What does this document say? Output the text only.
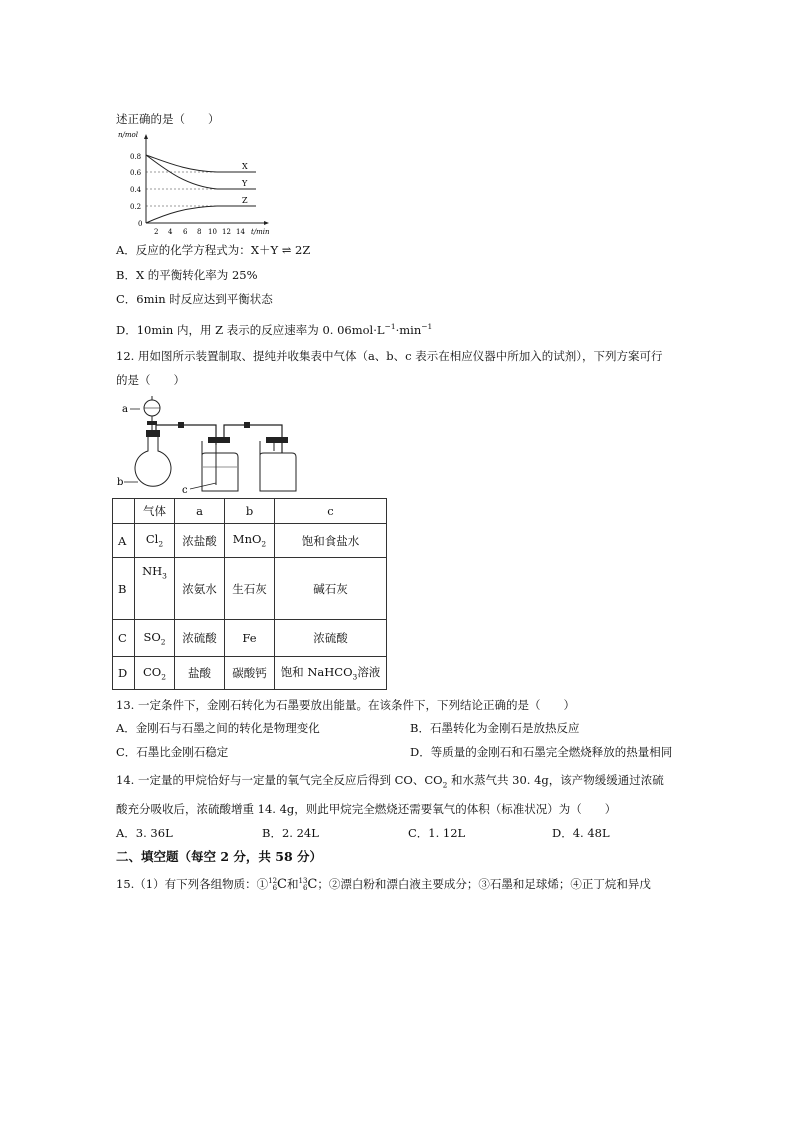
述正确的是（　　）
n/mol
t/min
0.8
0.6
0.4
0.2
0
2 4 6 8 10 12 14
X
Y
Z
A．反应的化学方程式为：X＋Y ⇌ 2Z
B．X 的平衡转化率为 25%
C．6min 时反应达到平衡状态
D．10min 内，用 Z 表示的反应速率为 0. $06mol\cdot L^{-1}\cdot\min^{-1}$
12. 用如图所示装置制取、提纯并收集表中气体（a、b、c 表示在相应仪器中所加入的试剂），下列方案可行
的是（　　）
a
b
c
	气体	a	b	c
A	$Cl_2$	浓盐酸	MnO$_2$	饱和食盐水
B	$NH_3$	浓氨水	生石灰	碱石灰
C	$SO_2$	浓硫酸	Fe	浓硫酸
D	$CO_2$	盐酸	碳酸钙	饱和 NaHCO$_3$溶液
13. 一定条件下，金刚石转化为石墨要放出能量。在该条件下，下列结论正确的是（　　）
A．金刚石与石墨之间的转化是物理变化	B．石墨转化为金刚石是放热反应
C．石墨比金刚石稳定	D．等质量的金刚石和石墨完全燃烧释放的热量相同
14. 一定量的甲烷恰好与一定量的氧气完全反应后得到 CO、$CO_2$ 和水蒸气共 30. 4g，该产物缓缓通过浓硫
酸充分吸收后，浓硫酸增重 14. 4g，则此甲烷完全燃烧还需要氧气的体积（标准状况）为（　　）
A．3. 36L	B．2. 24L	C．1. 12L	D．4. 48L
二、填空题（每空 2 分，共 58 分）
15.（1）有下列各组物质：①12
6C和13
6C；②漂白粉和漂白液主要成分；③石墨和足球烯；④正丁烷和异戊
